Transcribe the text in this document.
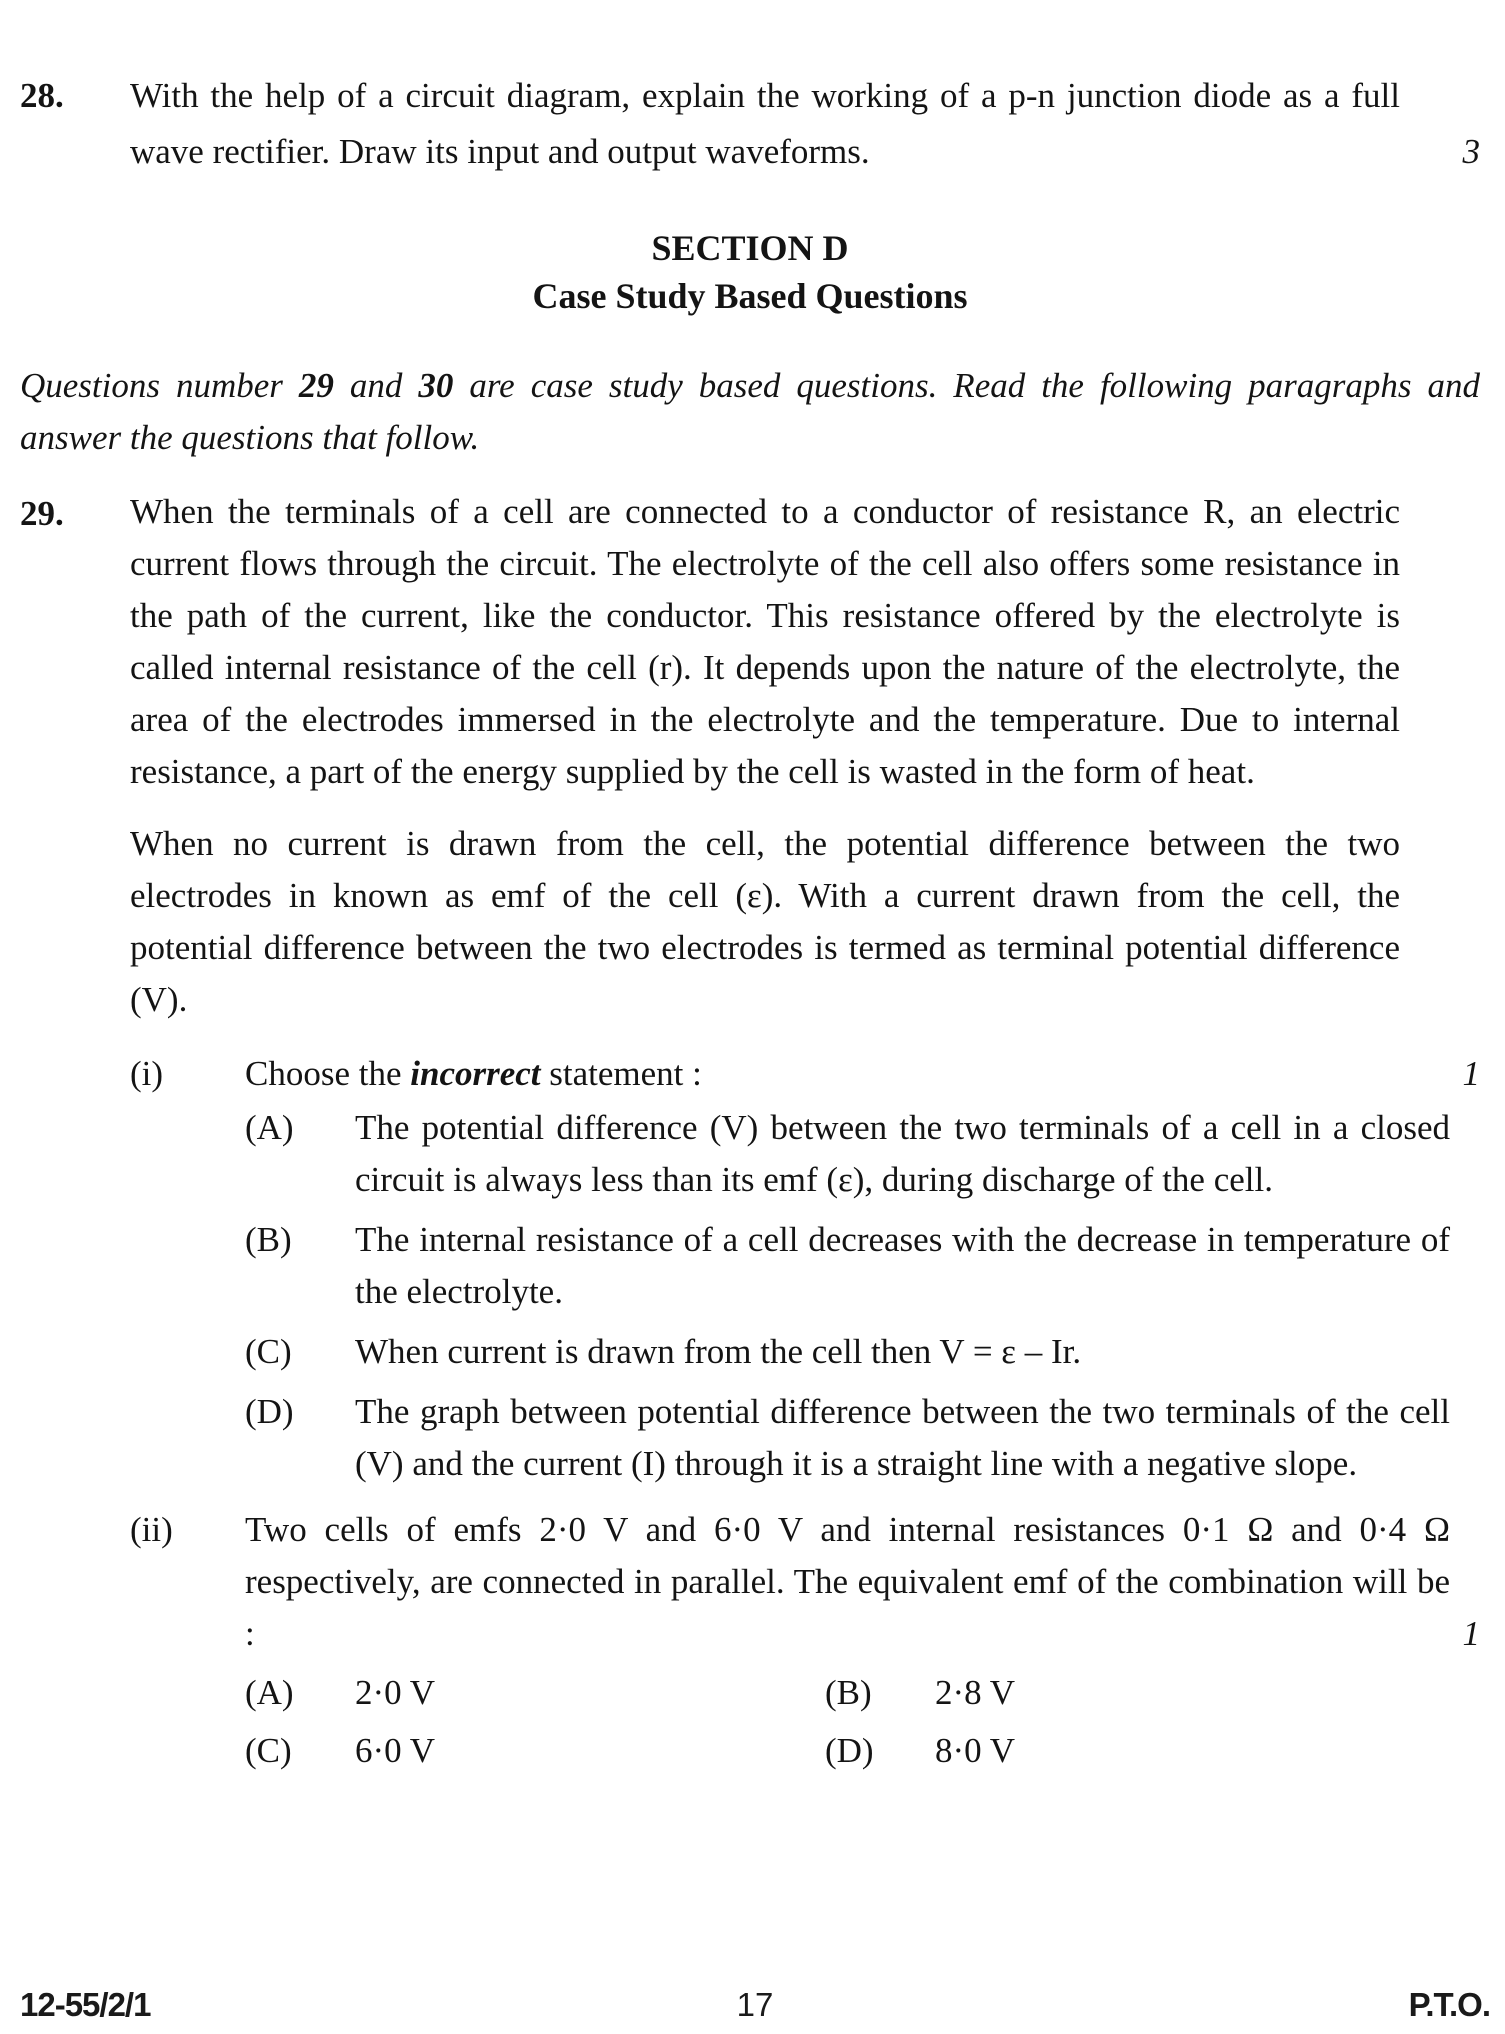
28.	With the help of a circuit diagram, explain the working of a p-n junction diode as a full wave rectifier. Draw its input and output waveforms.	3
SECTION D
Case Study Based Questions

Questions number 29 and 30 are case study based questions. Read the following paragraphs and answer the questions that follow.

29.	When the terminals of a cell are connected to a conductor of resistance R, an electric current flows through the circuit. The electrolyte of the cell also offers some resistance in the path of the current, like the conductor. This resistance offered by the electrolyte is called internal resistance of the cell (r). It depends upon the nature of the electrolyte, the area of the electrodes immersed in the electrolyte and the temperature. Due to internal resistance, a part of the energy supplied by the cell is wasted in the form of heat.

When no current is drawn from the cell, the potential difference between the two electrodes in known as emf of the cell (ε). With a current drawn from the cell, the potential difference between the two electrodes is termed as terminal potential difference (V).

(i)	Choose the incorrect statement :	1
(A)	The potential difference (V) between the two terminals of a cell in a closed circuit is always less than its emf (ε), during discharge of the cell.

(B)	The internal resistance of a cell decreases with the decrease in temperature of the electrolyte.

(C)	When current is drawn from the cell then V = ε – Ir.

(D)	The graph between potential difference between the two terminals of the cell (V) and the current (I) through it is a straight line with a negative slope.

(ii)	Two cells of emfs 2·0 V and 6·0 V and internal resistances 0·1 Ω and 0·4 Ω respectively, are connected in parallel. The equivalent emf of the combination will be :	1
(A)	2·0 V	(B)	2·8 V
(C)	6·0 V	(D)	8·0 V
12-55/2/1	17	P.T.O.
